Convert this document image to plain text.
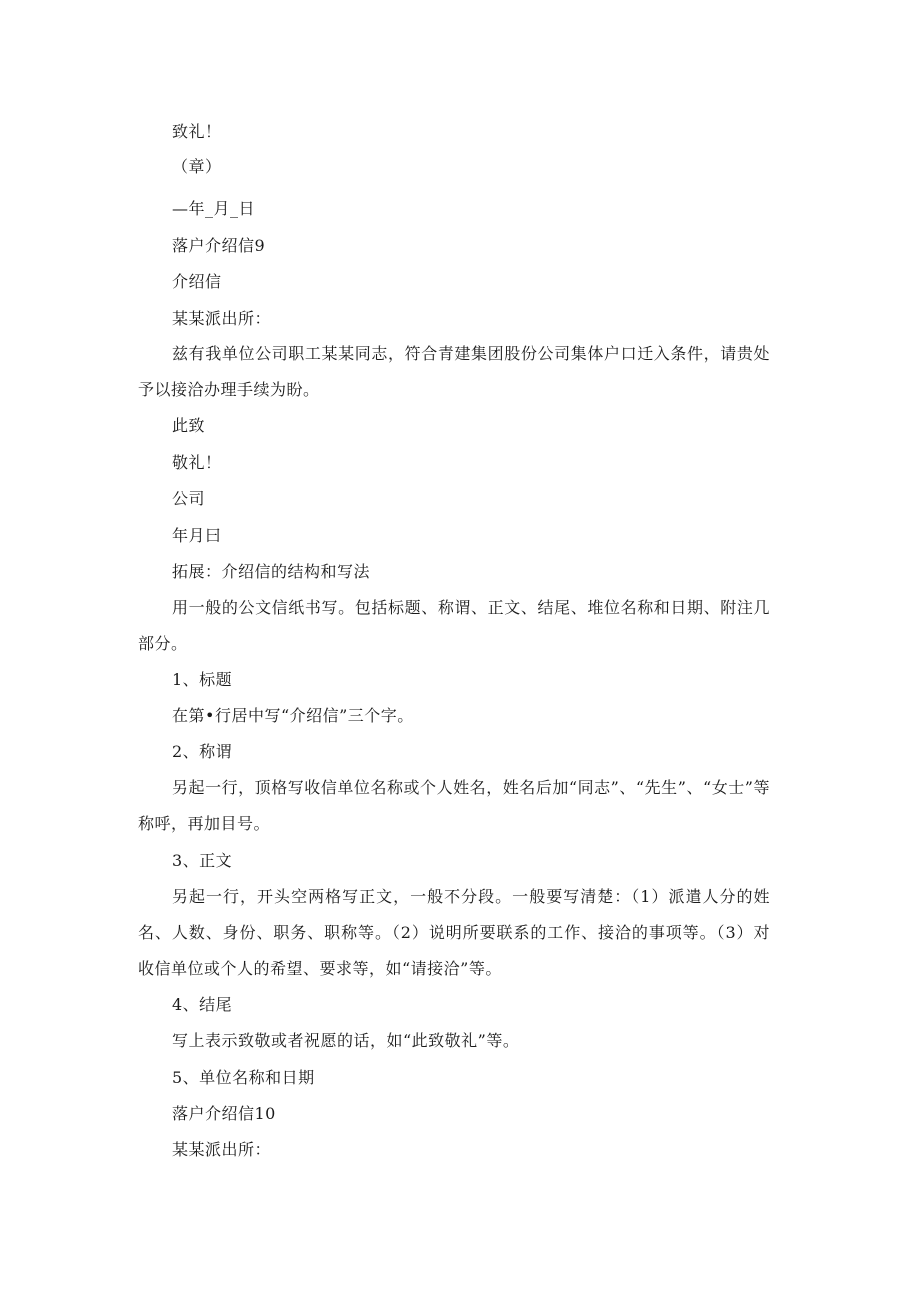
致礼！
（章）
—年_月_日
落户介绍信9
介绍信
某某派出所：
兹有我单位公司职工某某同志，符合青建集团股份公司集体户口迁入条件，请贵处予以接洽办理手续为盼。
此致
敬礼！
公司
年月曰
拓展：介绍信的结构和写法
用一般的公文信纸书写。包括标题、称谓、正文、结尾、堆位名称和日期、附注几部分。
1、标题
在第•行居中写“介绍信”三个字。
2、称谓
另起一行，顶格写收信单位名称或个人姓名，姓名后加“同志”、“先生”、“女士”等称呼，再加目号。
3、正文
另起一行，开头空两格写正文，一般不分段。一般要写清楚：（1）派遣人分的姓名、人数、身份、职务、职称等。（2）说明所要联系的工作、接洽的事项等。（3）对收信单位或个人的希望、要求等，如“请接洽”等。
4、结尾
写上表示致敬或者祝愿的话，如“此致敬礼”等。
5、单位名称和日期
落户介绍信10
某某派出所：
